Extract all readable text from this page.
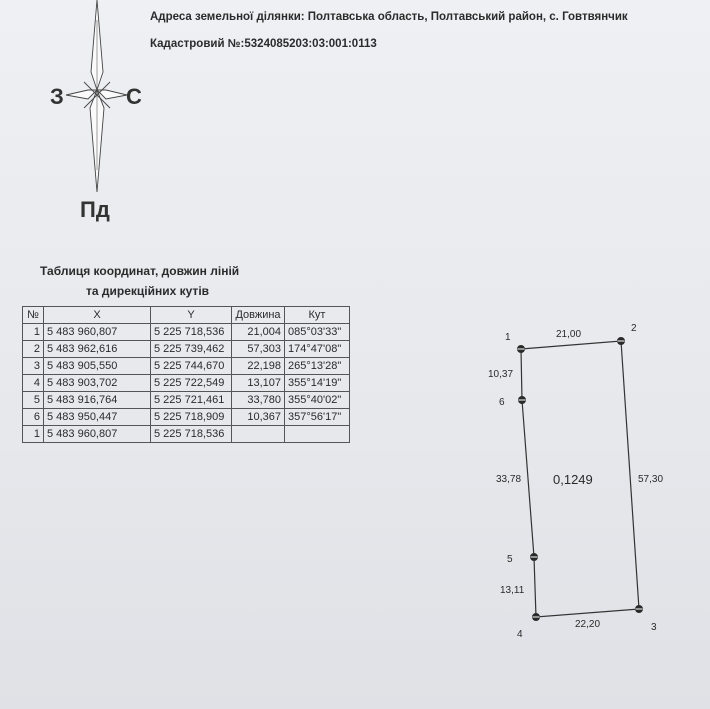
Адреса земельної ділянки: Полтавська область, Полтавський район, с. Говтвянчик
Кадастровий №:5324085203:03:001:0113
З	С
Пд
Таблиця координат, довжин ліній
та дирекційних кутів
№	X	Y	Довжина	Кут
1	5 483 960,807	5 225 718,536	21,004	085°03'33"
2	5 483 962,616	5 225 739,462	57,303	174°47'08"
3	5 483 905,550	5 225 744,670	22,198	265°13'28"
4	5 483 903,702	5 225 722,549	13,107	355°14'19"
5	5 483 916,764	5 225 721,461	33,780	355°40'02"
6	5 483 950,447	5 225 718,909	10,367	357°56'17"
1	5 483 960,807	5 225 718,536		
1
2
3
4
5
6
21,00
57,30
22,20
13,11
33,78
10,37
0,1249
